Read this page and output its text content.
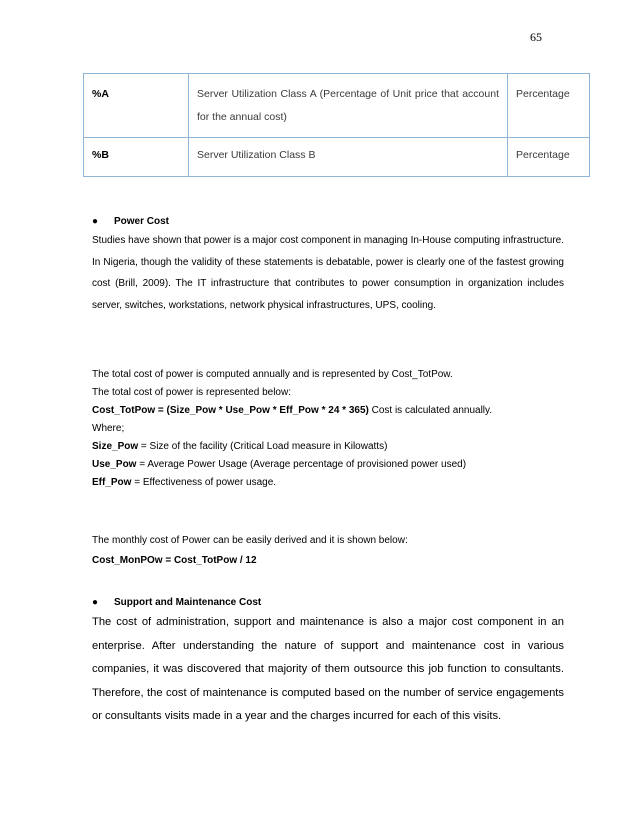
65
%A	Server Utilization Class A (Percentage of Unit price that account for the annual cost)	Percentage
%B	Server Utilization Class B	Percentage
●	Power Cost

Studies have shown that power is a major cost component in managing In-House computing infrastructure. In Nigeria, though the validity of these statements is debatable, power is clearly one of the fastest growing cost (Brill, 2009). The IT infrastructure that contributes to power consumption in organization includes server, switches, workstations, network physical infrastructures, UPS, cooling.

The total cost of power is computed annually and is represented by Cost_TotPow.
The total cost of power is represented below:
Cost_TotPow = (Size_Pow * Use_Pow * Eff_Pow * 24 * 365) Cost is calculated annually.
Where;
Size_Pow = Size of the facility (Critical Load measure in Kilowatts)
Use_Pow = Average Power Usage (Average percentage of provisioned power used)
Eff_Pow = Effectiveness of power usage.
The monthly cost of Power can be easily derived and it is shown below:
Cost_MonPOw = Cost_TotPow / 12
●	Support and Maintenance Cost

The cost of administration, support and maintenance is also a major cost component in an enterprise. After understanding the nature of support and maintenance cost in various companies, it was discovered that majority of them outsource this job function to consultants. Therefore, the cost of maintenance is computed based on the number of service engagements or consultants visits made in a year and the charges incurred for each of this visits.
